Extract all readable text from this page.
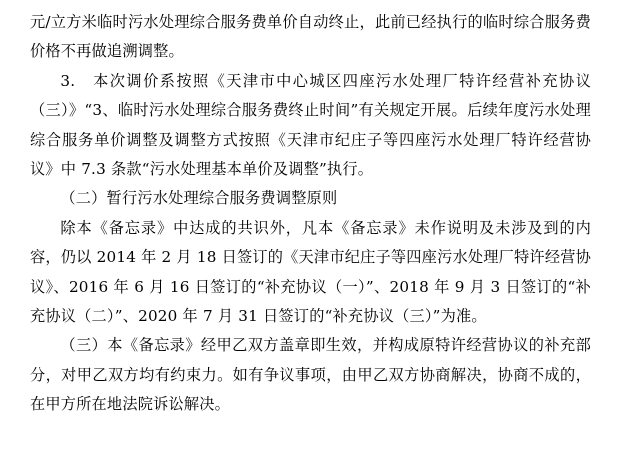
元/立方米临时污水处理综合服务费单价自动终止，此前已经执行的临时综合服务费价格不再做追溯调整。

3.　本次调价系按照《天津市中心城区四座污水处理厂特许经营补充协议（三）》“3、临时污水处理综合服务费终止时间”有关规定开展。后续年度污水处理综合服务单价调整及调整方式按照《天津市纪庄子等四座污水处理厂特许经营协议》中 7.3 条款“污水处理基本单价及调整”执行。

（二）暂行污水处理综合服务费调整原则

除本《备忘录》中达成的共识外，凡本《备忘录》未作说明及未涉及到的内容，仍以 2014 年 2 月 18 日签订的《天津市纪庄子等四座污水处理厂特许经营协议》、2016 年 6 月 16 日签订的“补充协议（一）”、2018 年 9 月 3 日签订的“补充协议（二）”、2020 年 7 月 31 日签订的“补充协议（三）”为准。

（三）本《备忘录》经甲乙双方盖章即生效，并构成原特许经营协议的补充部分，对甲乙双方均有约束力。如有争议事项，由甲乙双方协商解决，协商不成的，在甲方所在地法院诉讼解决。
